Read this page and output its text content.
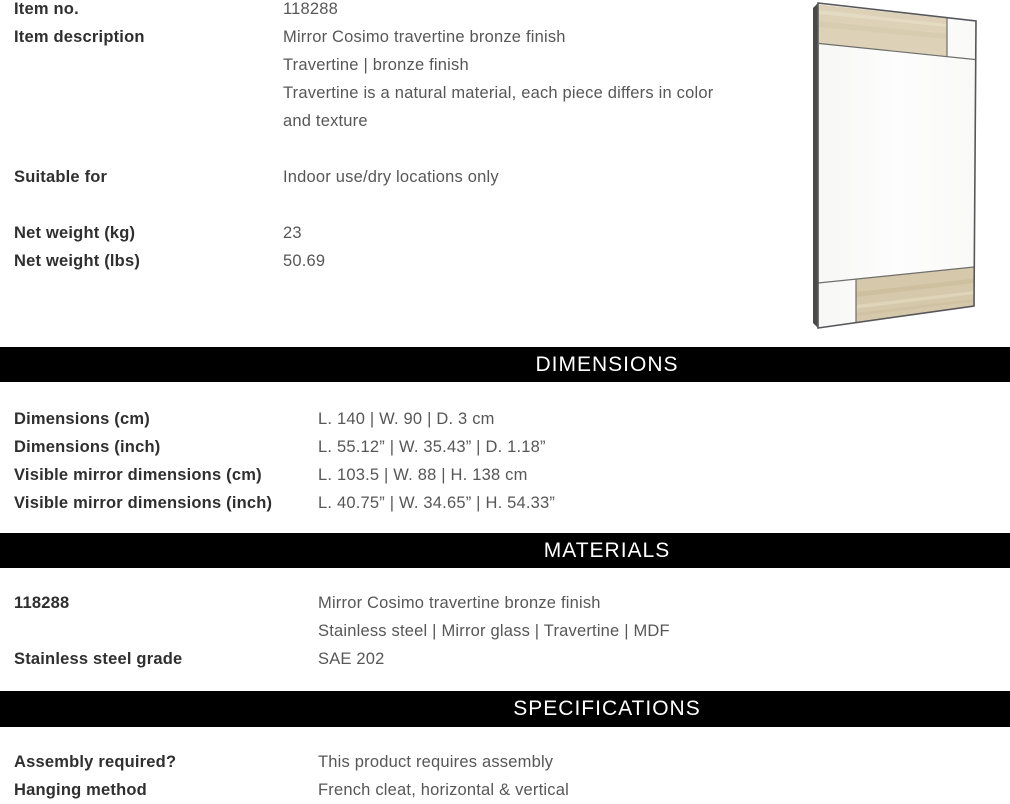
Item no.	118288
Item description	Mirror Cosimo travertine bronze finish
Travertine | bronze finish
Travertine is a natural material, each piece differs in color
and texture
Suitable for	Indoor use/dry locations only
Net weight (kg)	23
Net weight (lbs)	50.69
DIMENSIONS
Dimensions (cm)	L. 140 | W. 90 | D. 3 cm
Dimensions (inch)	L. 55.12” | W. 35.43” | D. 1.18”
Visible mirror dimensions (cm)	L. 103.5 | W. 88 | H. 138 cm
Visible mirror dimensions (inch)	L. 40.75” | W. 34.65” | H. 54.33”
MATERIALS
118288	Mirror Cosimo travertine bronze finish
Stainless steel | Mirror glass | Travertine | MDF
Stainless steel grade	SAE 202
SPECIFICATIONS
Assembly required?	This product requires assembly
Hanging method	French cleat, horizontal & vertical
